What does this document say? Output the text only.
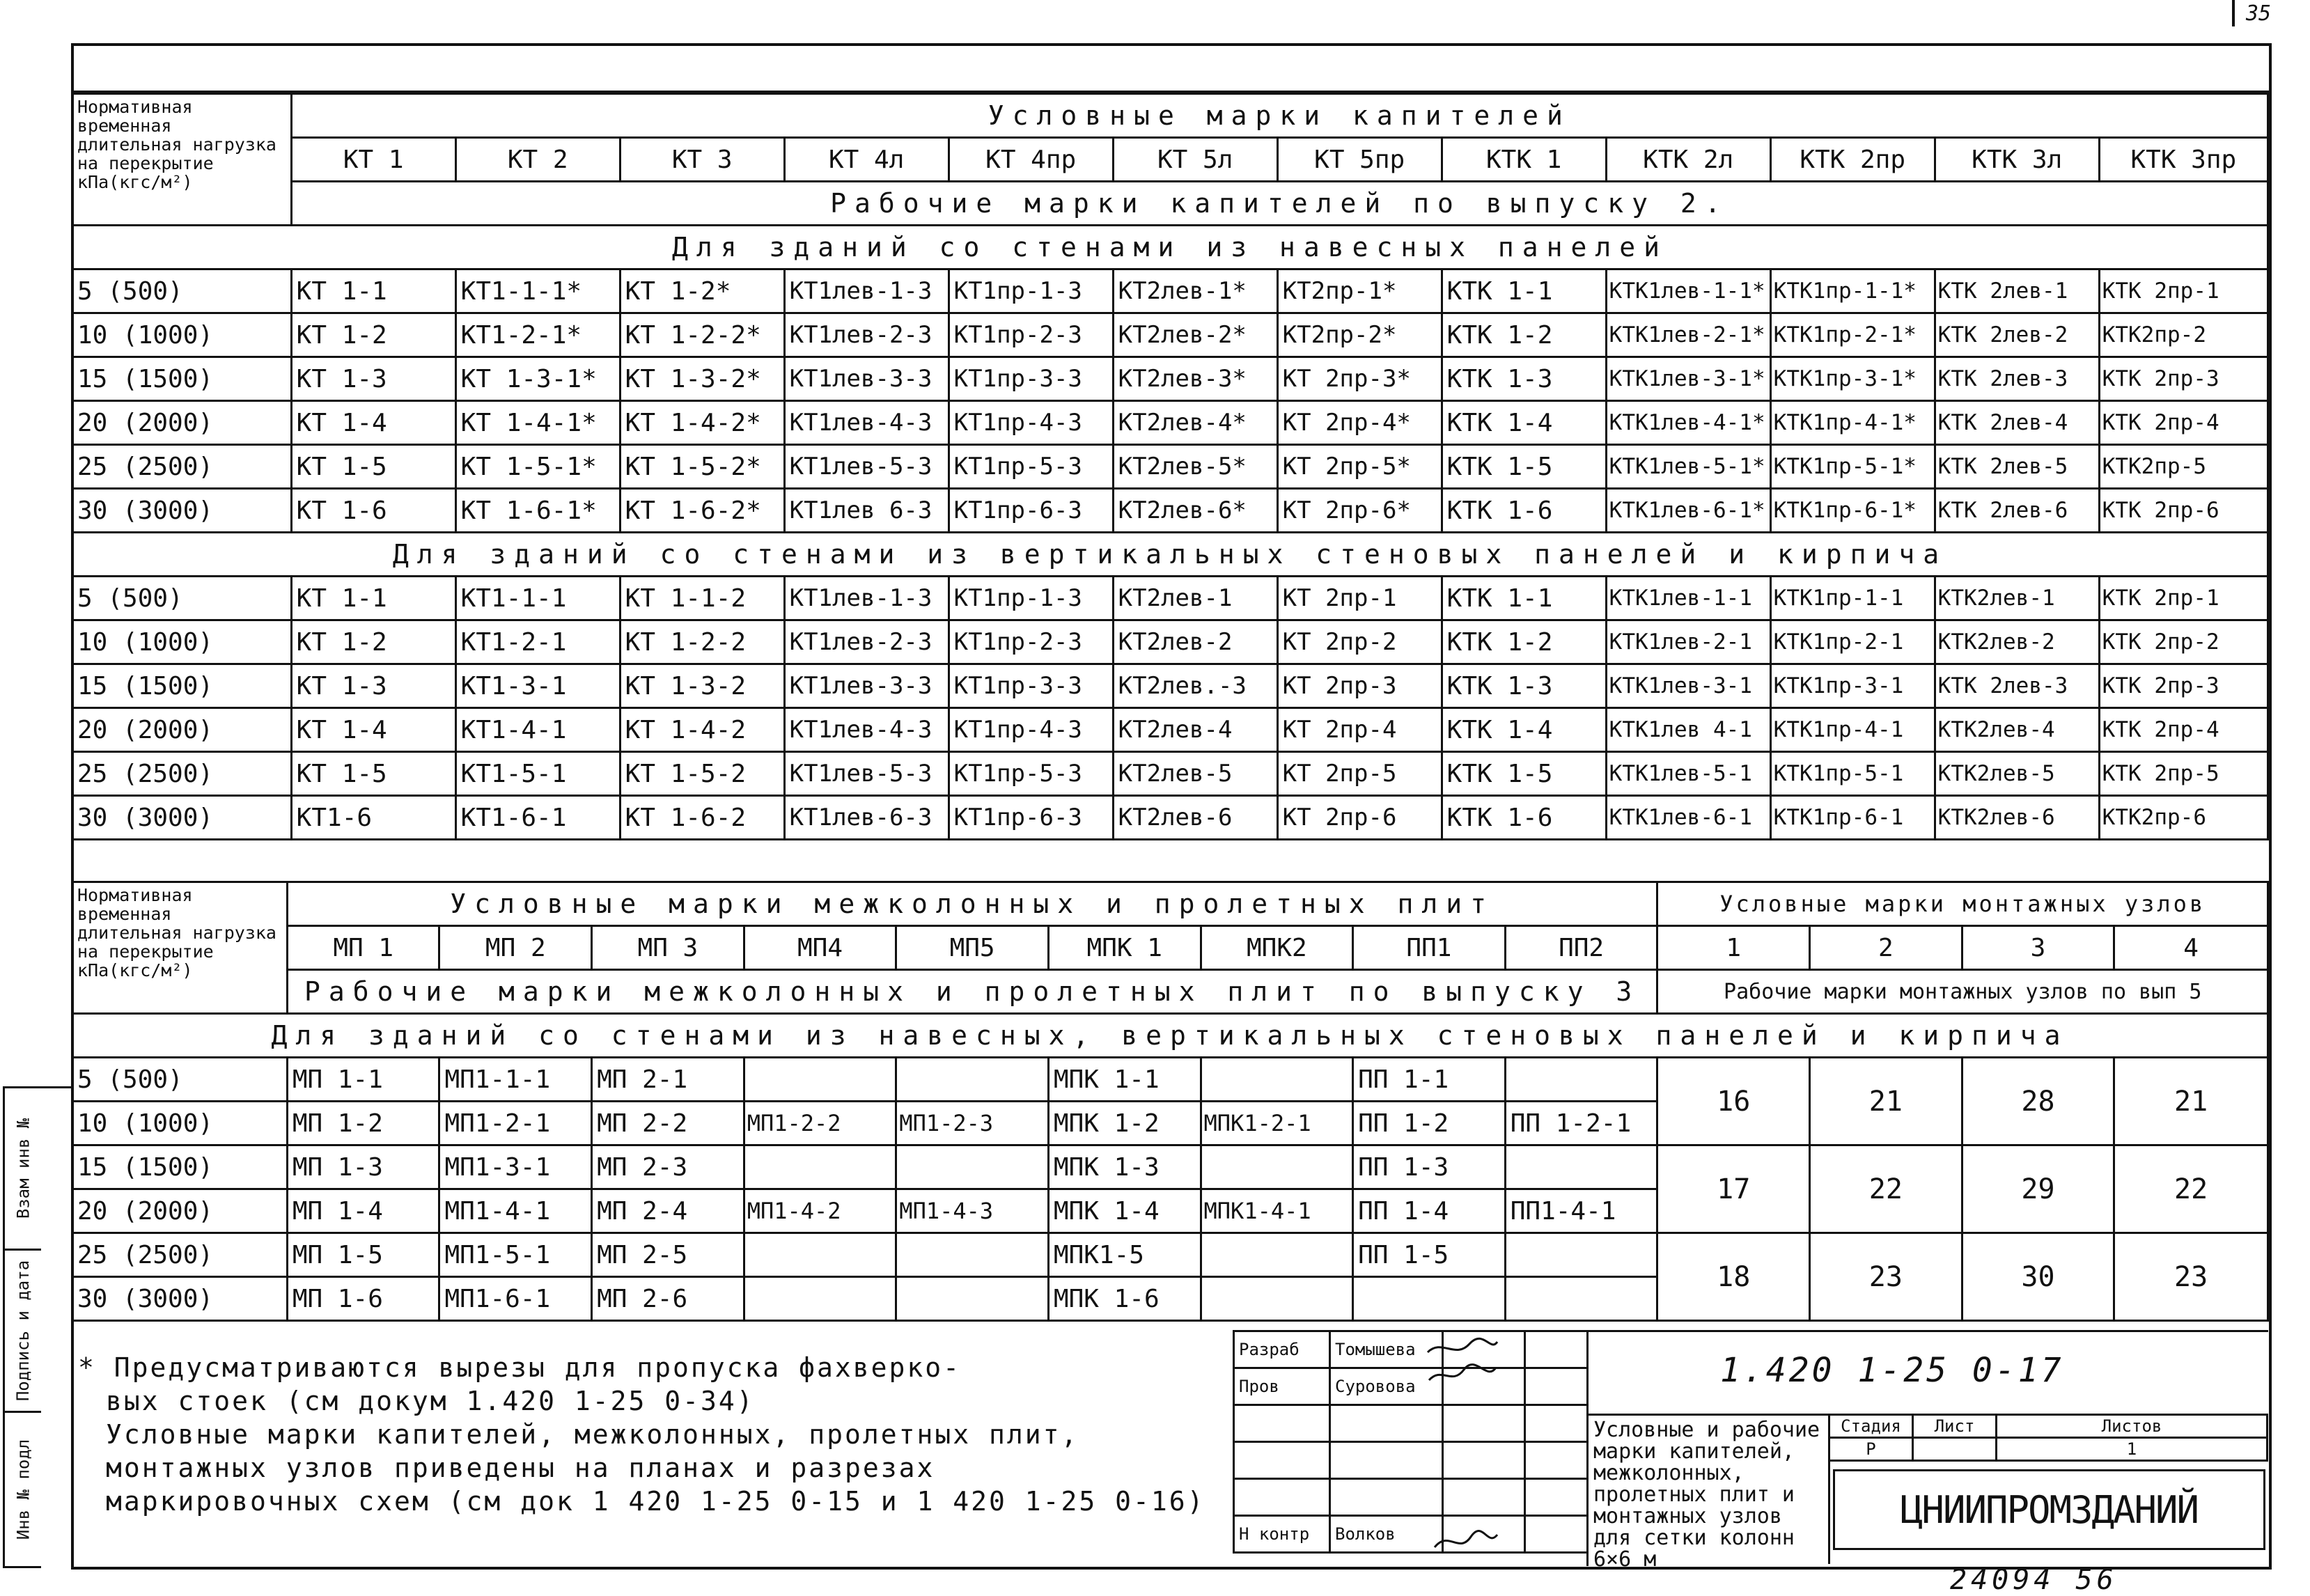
35
Взам инв №
Подпись и дата
Инв № подл
Нормативная временная длительная нагрузка на перекрытие кПа(кгс/м²)	Условные марки капителей											
	КТ 1	КТ 2	КТ 3	КТ 4л	КТ 4пр	КТ 5л	КТ 5пр	КТК 1	КТК 2л	КТК 2пр	КТК 3л	КТК 3пр
	Рабочие марки капителей по выпуску 2.											
Для зданий со стенами из навесных панелей												
5 (500)	КТ 1-1	КТ1-1-1*	КТ 1-2*	КТ1лев-1-3	КТ1пр-1-3	КТ2лев-1*	КТ2пр-1*	КТК 1-1	КТК1лев-1-1*	КТК1пр-1-1*	КТК 2лев-1	КТК 2пр-1
10 (1000)	КТ 1-2	КТ1-2-1*	КТ 1-2-2*	КТ1лев-2-3	КТ1пр-2-3	КТ2лев-2*	КТ2пр-2*	КТК 1-2	КТК1лев-2-1*	КТК1пр-2-1*	КТК 2лев-2	КТК2пр-2
15 (1500)	КТ 1-3	КТ 1-3-1*	КТ 1-3-2*	КТ1лев-3-3	КТ1пр-3-3	КТ2лев-3*	КТ 2пр-3*	КТК 1-3	КТК1лев-3-1*	КТК1пр-3-1*	КТК 2лев-3	КТК 2пр-3
20 (2000)	КТ 1-4	КТ 1-4-1*	КТ 1-4-2*	КТ1лев-4-3	КТ1пр-4-3	КТ2лев-4*	КТ 2пр-4*	КТК 1-4	КТК1лев-4-1*	КТК1пр-4-1*	КТК 2лев-4	КТК 2пр-4
25 (2500)	КТ 1-5	КТ 1-5-1*	КТ 1-5-2*	КТ1лев-5-3	КТ1пр-5-3	КТ2лев-5*	КТ 2пр-5*	КТК 1-5	КТК1лев-5-1*	КТК1пр-5-1*	КТК 2лев-5	КТК2пр-5
30 (3000)	КТ 1-6	КТ 1-6-1*	КТ 1-6-2*	КТ1лев 6-3	КТ1пр-6-3	КТ2лев-6*	КТ 2пр-6*	КТК 1-6	КТК1лев-6-1*	КТК1пр-6-1*	КТК 2лев-6	КТК 2пр-6
Для зданий со стенами из вертикальных стеновых панелей и кирпича												
5 (500)	КТ 1-1	КТ1-1-1	КТ 1-1-2	КТ1лев-1-3	КТ1пр-1-3	КТ2лев-1	КТ 2пр-1	КТК 1-1	КТК1лев-1-1	КТК1пр-1-1	КТК2лев-1	КТК 2пр-1
10 (1000)	КТ 1-2	КТ1-2-1	КТ 1-2-2	КТ1лев-2-3	КТ1пр-2-3	КТ2лев-2	КТ 2пр-2	КТК 1-2	КТК1лев-2-1	КТК1пр-2-1	КТК2лев-2	КТК 2пр-2
15 (1500)	КТ 1-3	КТ1-3-1	КТ 1-3-2	КТ1лев-3-3	КТ1пр-3-3	КТ2лев.-3	КТ 2пр-3	КТК 1-3	КТК1лев-3-1	КТК1пр-3-1	КТК 2лев-3	КТК 2пр-3
20 (2000)	КТ 1-4	КТ1-4-1	КТ 1-4-2	КТ1лев-4-3	КТ1пр-4-3	КТ2лев-4	КТ 2пр-4	КТК 1-4	КТК1лев 4-1	КТК1пр-4-1	КТК2лев-4	КТК 2пр-4
25 (2500)	КТ 1-5	КТ1-5-1	КТ 1-5-2	КТ1лев-5-3	КТ1пр-5-3	КТ2лев-5	КТ 2пр-5	КТК 1-5	КТК1лев-5-1	КТК1пр-5-1	КТК2лев-5	КТК 2пр-5
30 (3000)	КТ1-6	КТ1-6-1	КТ 1-6-2	КТ1лев-6-3	КТ1пр-6-3	КТ2лев-6	КТ 2пр-6	КТК 1-6	КТК1лев-6-1	КТК1пр-6-1	КТК2лев-6	КТК2пр-6
Нормативная временная длительная нагрузка на перекрытие кПа(кгс/м²)	Условные марки межколонных и пролетных плит									Условные марки монтажных узлов			
	МП 1	МП 2	МП 3	МП4	МП5	МПК 1	МПК2	ПП1	ПП2	1	2	3	4
	Рабочие марки межколонных и пролетных плит по выпуску 3									Рабочие марки монтажных узлов по вып 5			
Для зданий со стенами из навесных, вертикальных стеновых панелей и кирпича													
5 (500)	МП 1-1	МП1-1-1	МП 2-1			МПК 1-1		ПП 1-1		16	21	28	21
10 (1000)	МП 1-2	МП1-2-1	МП 2-2	МП1-2-2	МП1-2-3	МПК 1-2	МПК1-2-1	ПП 1-2	ПП 1-2-1				
15 (1500)	МП 1-3	МП1-3-1	МП 2-3			МПК 1-3		ПП 1-3		17	22	29	22
20 (2000)	МП 1-4	МП1-4-1	МП 2-4	МП1-4-2	МП1-4-3	МПК 1-4	МПК1-4-1	ПП 1-4	ПП1-4-1				
25 (2500)	МП 1-5	МП1-5-1	МП 2-5			МПК1-5		ПП 1-5		18	23	30	23
30 (3000)	МП 1-6	МП1-6-1	МП 2-6			МПК 1-6							
* Предусматриваются вырезы для пропуска фахверко-
вых стоек (см докум 1.420 1-25 0-34)
Условные марки капителей, межколонных, пролетных плит,
монтажных узлов приведены на планах и разрезах
маркировочных схем (см док 1 420 1-25 0-15 и 1 420 1-25 0-16)
Разраб	Томышева		
Пров	Суровова		

Н контр	Волков		
1.420 1-25 0-17
Условные и рабочие марки капителей, межколонных, пролетных плит и монтажных узлов для сетки колонн 6×6 м
Стадия	Лист	Листов
Р		1
ЦНИИПРОМЗДАНИЙ
24094 56
